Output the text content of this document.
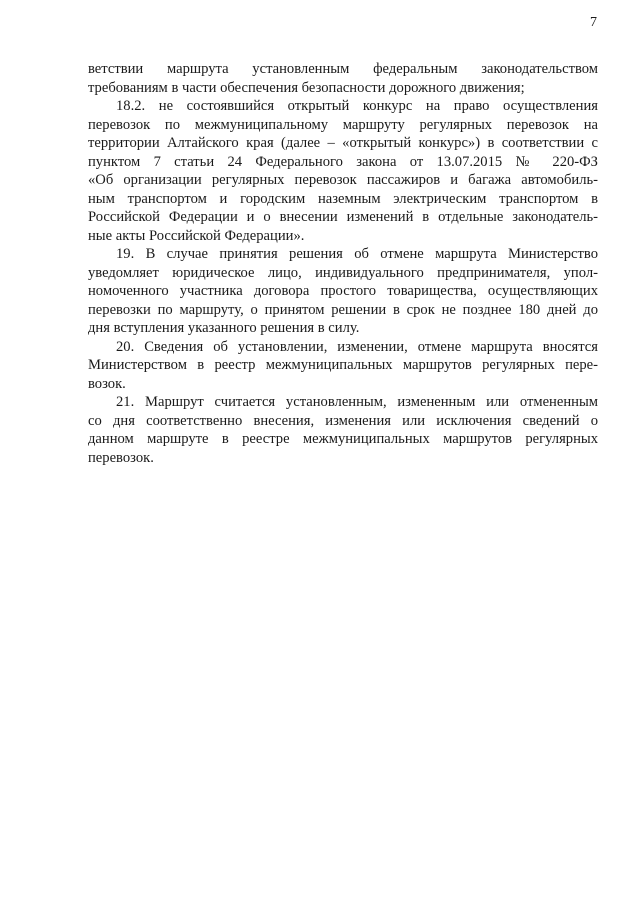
7

ветствии маршрута установленным федеральным законодательством
требованиям в части обеспечения безопасности дорожного движения;
18.2. не состоявшийся открытый конкурс на право осуществления
перевозок по межмуниципальному маршруту регулярных перевозок на
территории Алтайского края (далее – «открытый конкурс») в соответствии с
пунктом 7 статьи 24 Федерального закона от 13.07.2015 № 220-ФЗ
«Об организации регулярных перевозок пассажиров и багажа автомобиль-
ным транспортом и городским наземным электрическим транспортом в
Российской Федерации и о внесении изменений в отдельные законодатель-
ные акты Российской Федерации».
19. В случае принятия решения об отмене маршрута Министерство
уведомляет юридическое лицо, индивидуального предпринимателя, упол-
номоченного участника договора простого товарищества, осуществляющих
перевозки по маршруту, о принятом решении в срок не позднее 180 дней до
дня вступления указанного решения в силу.
20. Сведения об установлении, изменении, отмене маршрута вносятся
Министерством в реестр межмуниципальных маршрутов регулярных пере-
возок.
21. Маршрут считается установленным, измененным или отмененным
со дня соответственно внесения, изменения или исключения сведений о
данном маршруте в реестре межмуниципальных маршрутов регулярных
перевозок.
